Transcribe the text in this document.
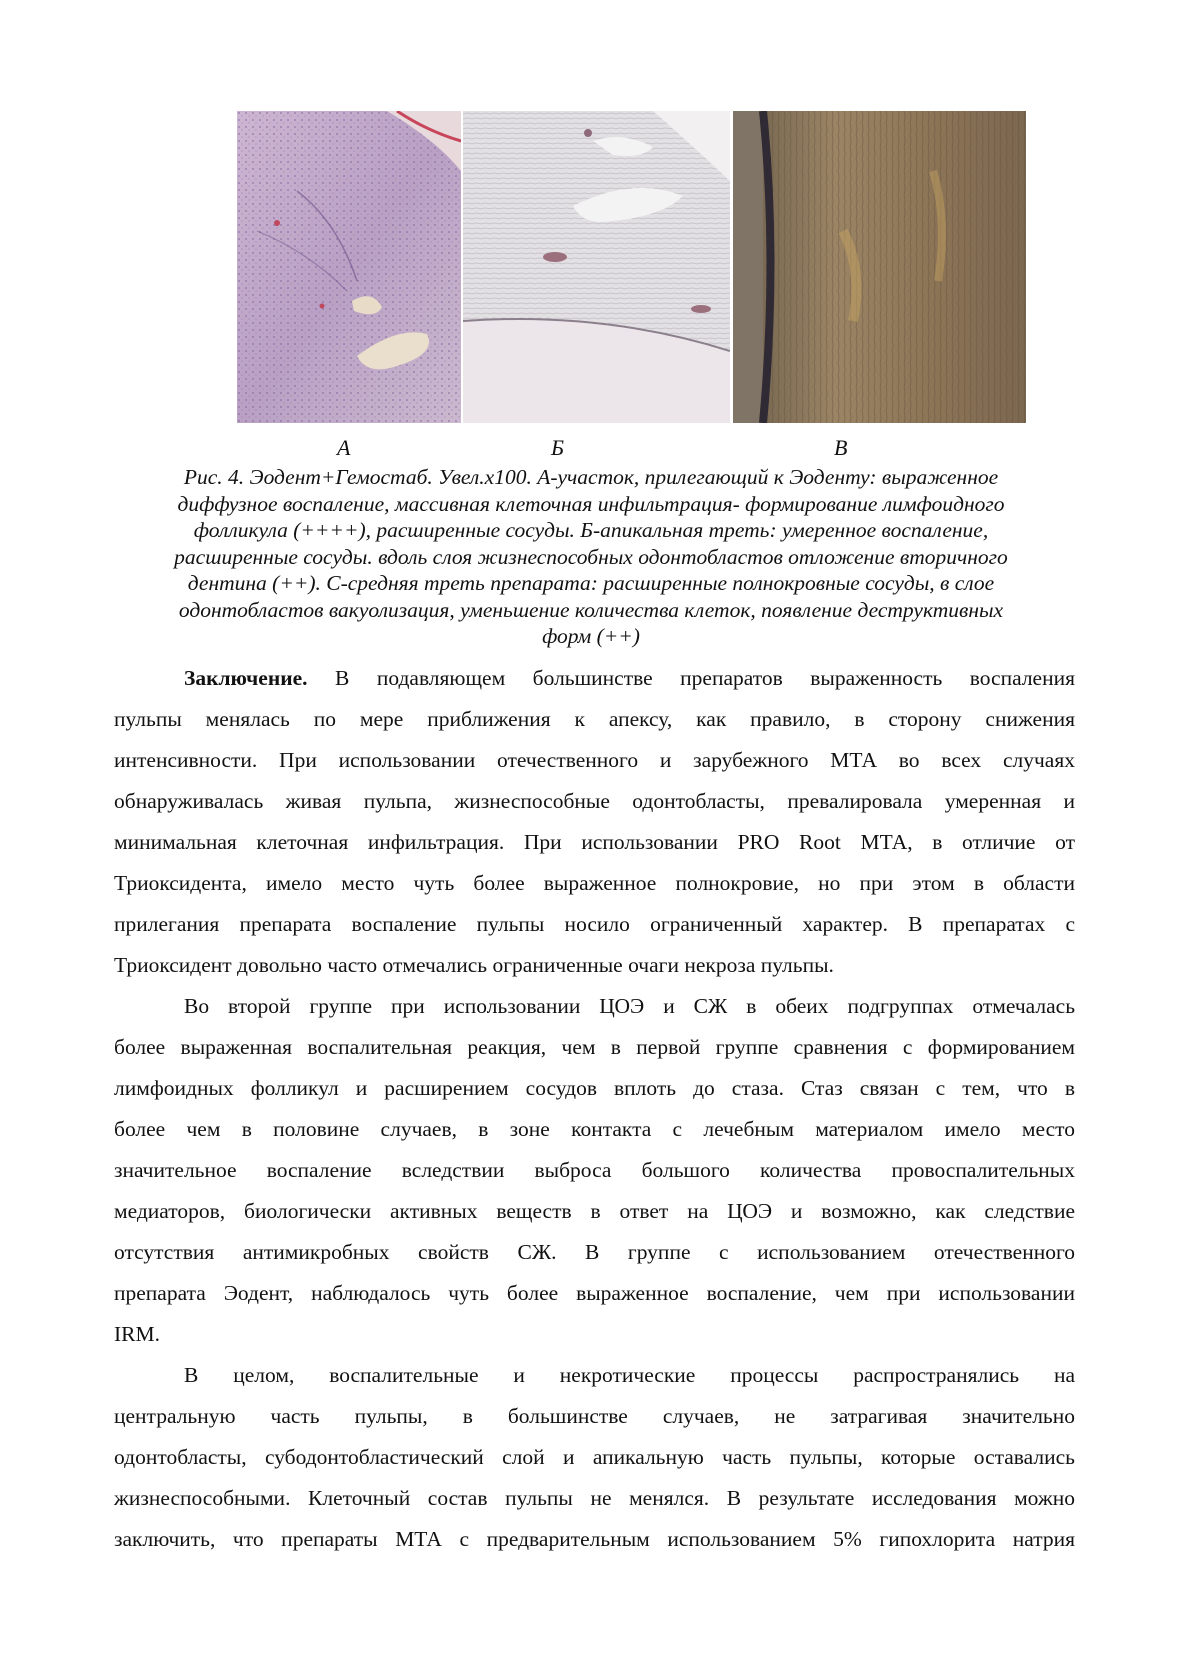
А	Б	В
Рис. 4. Эодент+Гемостаб. Увел.х100. А-участок, прилегающий к Эоденту: выраженное
диффузное воспаление, массивная клеточная инфильтрация- формирование лимфоидного
фолликула (++++), расширенные сосуды. Б-апикальная треть: умеренное воспаление,
расширенные сосуды. вдоль слоя жизнеспособных одонтобластов отложение вторичного
дентина (++). С-средняя треть препарата: расширенные полнокровные сосуды, в слое
одонтобластов вакуолизация, уменьшение количества клеток, появление деструктивных
форм (++)

Заключение. В подавляющем большинстве препаратов выраженность воспаления

пульпы менялась по мере приближения к апексу, как правило, в сторону снижения

интенсивности. При использовании отечественного и зарубежного МТА во всех случаях

обнаруживалась живая пульпа, жизнеспособные одонтобласты, превалировала умеренная и

минимальная клеточная инфильтрация. При использовании PRO Root МТА, в отличие от

Триоксидента, имело место чуть более выраженное полнокровие, но при этом в области

прилегания препарата воспаление пульпы носило ограниченный характер. В препаратах с

Триоксидент довольно часто отмечались ограниченные очаги некроза пульпы.

Во второй группе при использовании ЦОЭ и СЖ в обеих подгруппах отмечалась

более выраженная воспалительная реакция, чем в первой группе сравнения с формированием

лимфоидных фолликул и расширением сосудов вплоть до стаза. Стаз связан с тем, что в

более чем в половине случаев, в зоне контакта с лечебным материалом имело место

значительное воспаление вследствии выброса большого количества провоспалительных

медиаторов, биологически активных веществ в ответ на ЦОЭ и возможно, как следствие

отсутствия антимикробных свойств СЖ. В группе с использованием отечественного

препарата Эодент, наблюдалось чуть более выраженное воспаление, чем при использовании

IRM.

В целом, воспалительные и некротические процессы распространялись на

центральную часть пульпы, в большинстве случаев, не затрагивая значительно

одонтобласты, субодонтобластический слой и апикальную часть пульпы, которые оставались

жизнеспособными. Клеточный состав пульпы не менялся. В результате исследования можно

заключить, что препараты МТА с предварительным использованием 5% гипохлорита натрия
